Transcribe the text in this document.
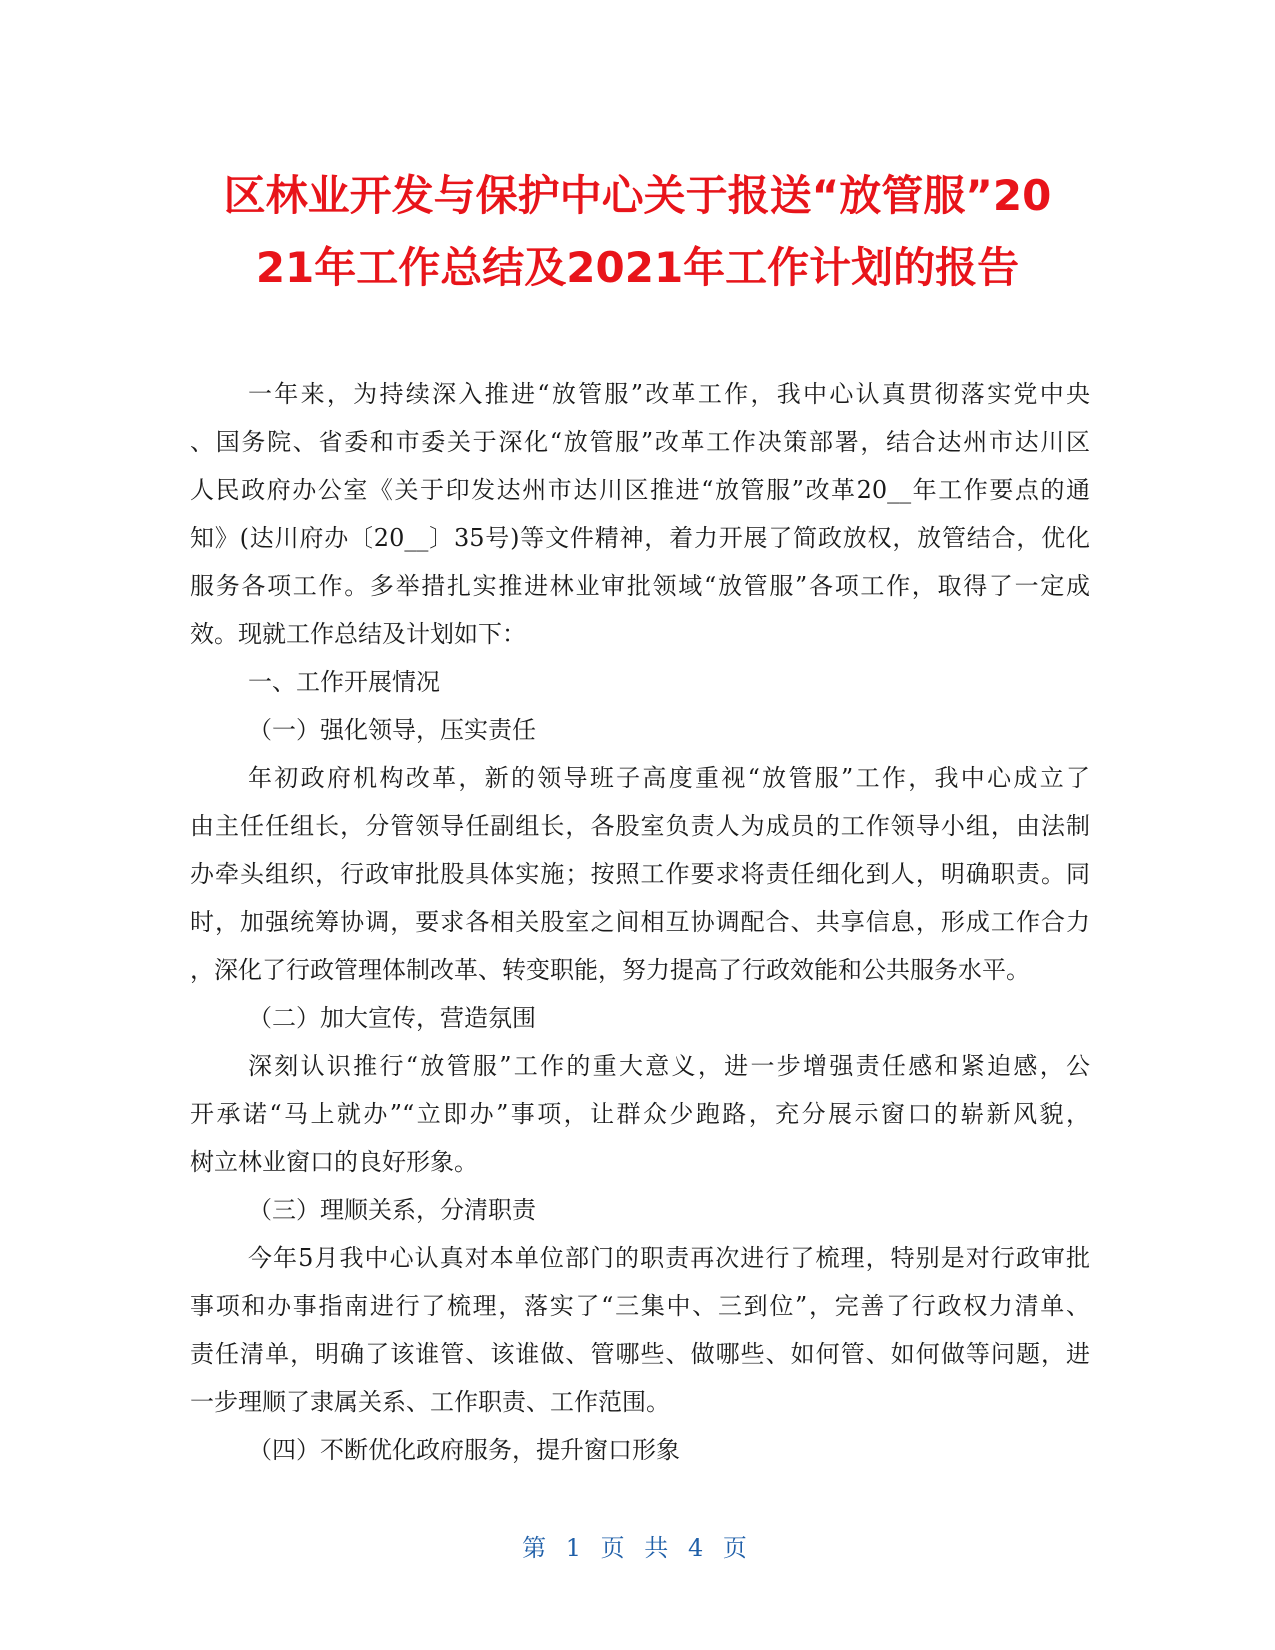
区林业开发与保护中心关于报送“放管服”20
21年工作总结及2021年工作计划的报告
一年来，为持续深入推进“放管服”改革工作，我中心认真贯彻落实党中央
、国务院、省委和市委关于深化“放管服”改革工作决策部署，结合达州市达川区
人民政府办公室《关于印发达州市达川区推进“放管服”改革20__年工作要点的通
知》(达川府办〔20__〕35号)等文件精神，着力开展了简政放权，放管结合，优化
服务各项工作。多举措扎实推进林业审批领域“放管服”各项工作，取得了一定成
效。现就工作总结及计划如下：
一、工作开展情况
（一）强化领导，压实责任
年初政府机构改革，新的领导班子高度重视“放管服”工作，我中心成立了
由主任任组长，分管领导任副组长，各股室负责人为成员的工作领导小组，由法制
办牵头组织，行政审批股具体实施；按照工作要求将责任细化到人，明确职责。同
时，加强统筹协调，要求各相关股室之间相互协调配合、共享信息，形成工作合力
，深化了行政管理体制改革、转变职能，努力提高了行政效能和公共服务水平。
（二）加大宣传，营造氛围
深刻认识推行“放管服”工作的重大意义，进一步增强责任感和紧迫感，公
开承诺“马上就办”“立即办”事项，让群众少跑路，充分展示窗口的崭新风貌，
树立林业窗口的良好形象。
（三）理顺关系，分清职责
今年5月我中心认真对本单位部门的职责再次进行了梳理，特别是对行政审批
事项和办事指南进行了梳理，落实了“三集中、三到位”，完善了行政权力清单、
责任清单，明确了该谁管、该谁做、管哪些、做哪些、如何管、如何做等问题，进
一步理顺了隶属关系、工作职责、工作范围。
（四）不断优化政府服务，提升窗口形象
第 1 页 共 4 页
